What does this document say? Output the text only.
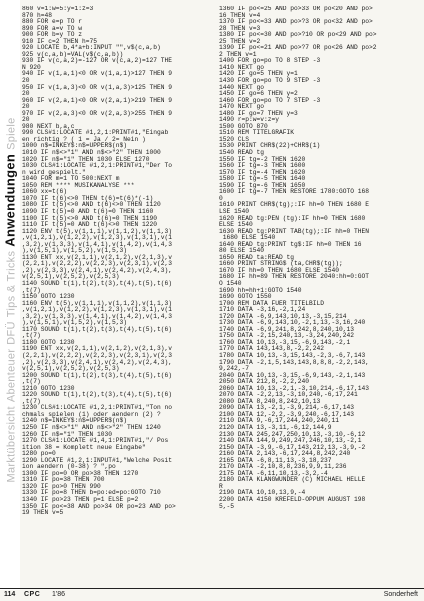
MarktübersichtAbenteuerDFÜTips & TricksAnwendungenSpiele
860 v=1:w=5:y=1:z=3
870 h=48
880 FOR e=p TO r
890 FOR a=v TO w
900 FOR b=y TO z
910 IF c=2 THEN h=75
920 LOCATE b,4*a+b:INPUT "",v$(c,a,b)
925 v(c,a,b)=VAL(v$(c,a,b))
930 IF v(c,a,2)=-127 OR v(c,a,2)=127 THE
N 920
940 IF v(1,a,1)<0 OR v(1,a,1)>127 THEN 9
20
950 IF v(1,a,3)<0 OR v(1,a,3)>125 THEN 9
20
960 IF v(2,a,1)<0 OR v(2,a,1)>219 THEN 9
20
970 IF v(2,a,3)<0 OR v(2,a,3)>255 THEN 9
20
980 NEXT b,a,c
990 CLS#1:LOCATE #1,2,1:PRINT#1,"Eingab
en richtig ? ( 1 = Ja / 2= Nein )
1000 n$=INKEY$:n$=UPPER$(n$)
1010 IF n$<>"1" AND n$<>"2" THEN 1000
1020 IF n$="1" THEN 1030 ELSE 1270
1030 CLS#1:LOCATE #1,2,1:PRINT#1,"Der To
n wird gespielt."
1040 FOR m=1 TO 500:NEXT m
1050 REM **** MUSIKANALYSE ***
1060 xx=t(6)
1070 IF t(6)<>0 THEN t(6)=t(6)*(-1)
1080 IF t(5)<>0 AND t(6)<>0 THEN 1120
1090 IF t(5)=0 AND t(6)=0 THEN 1160
1100 IF t(5)<>0 AND t(6)=0 THEN 1190
1110 IF t(5)=0 AND t(6)<>0 THEN 1220
1120 ENV t(5),v(1,1,1),v(1,1,2),v(1,1,3)
,v(1,2,1),v(1,2,2),v(1,2,3),v(1,3,1),v(1
,3,2),v(1,3,3),v(1,4,1),v(1,4,2),v(1,4,3
),v(1,5,1),v(1,5,2),v(1,5,3)
1130 ENT xx,v(2,1,1),v(2,1,2),v(2,1,3),v
(2,2,1),v(2,2,2),v(2,2,3),v(2,3,1),v(2,3
,2),v(2,3,3),v(2,4,1),v(2,4,2),v(2,4,3),
v(2,5,1),v(2,5,2),v(2,5,3)
1140 SOUND t(1),t(2),t(3),t(4),t(5),t(6)
,t(7)
1150 GOTO 1230
1160 ENV t(5),v(1,1,1),v(1,1,2),v(1,1,3)
,v(1,2,1),v(1,2,2),v(1,2,3),v(1,3,1),v(1
,3,2),v(1,3,3),v(1,4,1),v(1,4,2),v(1,4,3
),v(1,5,1),v(1,5,2),v(1,5,3)
1170 SOUND t(1),t(2),t(3),t(4),t(5),t(6)
,t(7)
1180 GOTO 1230
1190 ENT xx,v(2,1,1),v(2,1,2),v(2,1,3),v
(2,2,1),v(2,2,2),v(2,2,3),v(2,3,1),v(2,3
,2),v(2,3,3),v(2,4,1),v(2,4,2),v(2,4,3),
v(2,5,1),v(2,5,2),v(2,5,3)
1200 SOUND t(1),t(2),t(3),t(4),t(5),t(6)
,t(7)
1210 GOTO 1230
1220 SOUND t(1),t(2),t(3),t(4),t(5),t(6)
,t(7)
1230 CLS#1:LOCATE #1,2,1:PRINT#1,"Ton no
chmals spielen (1) oder aendern (2) ?
1240 n$=INKEY$:n$=UPPER$(n$)
1250 IF n$<>"1" AND n$<>"2" THEN 1240
1260 IF n$="1" THEN 1030
1270 CLS#1:LOCATE #1,4,1:PRINT#1,"/ Pos
ition 38 = Komplett neue Eingabe"
1280 po=0
1290 LOCATE #1,2,1:INPUT#1,"Welche Posit
ion aendern (0-38) ? ",po
1300 IF po=0 OR po>38 THEN 1270
1310 IF po=38 THEN 700
1320 IF po>0 THEN 990
1330 IF po=8 THEN b=po:ed=po:GOTO 710
1340 IF po>23 THEN p=1 ELSE p=2
1350 IF po<=38 AND po>34 OR po=23 AND po>
19 THEN v=5
1360 IF po<=25 AND po>33 OR po<20 AND po>
16 THEN v=4
1370 IF po<=33 AND po>?3 OR po<32 AND po>
28 THEN v=3
1380 IF po<=30 AND po>?10 OR po<29 AND po>
25 THEN v=2
1390 IF po<=21 AND po>?7 OR po<26 AND po>2
2 THEN v=1
1400 FOR go=po TO 8 STEP -3
1410 NEXT go
1420 IF go=5 THEN y=1
1430 FOR go=po TO 9 STEP -3
1440 NEXT go
1450 IF go=6 THEN y=2
1460 FOR go=po TO 7 STEP -3
1470 NEXT go
1480 IF go=7 THEN y=3
1490 r=p:w=v:z=y
1500 GOTO 870
1510 REM TITELGRAFIK
1520 CLS
1530 PRINT CHR$(22)+CHR$(1)
1540 READ tg
1550 IF tg=-2 THEN 1620
1560 IF tg=-3 THEN 1600
1570 IF tg=-4 THEN 1620
1580 IF tg=-5 THEN 1640
1590 IF tg=-6 THEN 1650
1600 IF tg=-7 THEN RESTORE 1780:GOTO 168
0
1610 PRINT CHR$(tg);:IF hh=0 THEN 1680 E
LSE 1540
1620 READ tg:PEN (tg):IF hh=0 THEN 1680
ELSE 1540
1630 READ tg:PRINT TAB(tg);:IF hh=0 THEN
1680 ELSE 1540
1640 READ tg:PRINT tg$:IF hh=0 THEN 16
80 ELSE 1540
1650 READ ta:READ tg
1660 PRINT STRING$ (ta,CHR$(tg));
1670 IF hh=0 THEN 1680 ELSE 1540
1680 IF hh=89 THEN RESTORE 2040:hh=0:GOT
O 1540
1690 hh=hh+1:GOTO 1540
1690 GOTO 1550
1700 REM DATA FUER TITELBILD
1710 DATA -3,16,-2,1,24
1720 DATA -6,9,143,10,13,-3,15,214
1730 DATA -6,9,143,10,-2,1,13,-3,16,240
1740 DATA -6,9,241,8,242,8,240,10,13
1750 DATA -2,15,240,13,-3,24,240,242
1760 DATA 10,13,-3,15,-6,9,143,-2,1
1770 DATA 143,143,8,-2,2,242
1780 DATA 10,13,-3,15,143,-2,3,-6,7,143
1790 DATA -2,1,5,143,143,8,8,8,-2,2,143,
9,242,-7
2040 DATA 10,13,-3,15,-6,9,143,-2,1,143
2050 DATA 212,8,-2,2,240
2060 DATA 10,13,-2,1,-3,10,214,-6,17,143
2070 DATA -2,2,13,-3,10,240,-6,17,241
2080 DATA 8,240,8,242,10,13
2090 DATA 13,-2,1,-3,9,214,-6,17,143
2100 DATA 12,-2,2,-3,9,240,-6,17,143
2110 DATA 9,-6,17,244,240,240,11
2120 DATA 13,-3,11,-6,12,144,9
2130 DATA 245,247,250,10,13,-3,10,-6,12
2140 DATA 144,9,249,247,246,10,13,-2,1
2150 DATA -3,9,-6,17,143,212,13,-3,9,-2
2160 DATA 2,143,-6,17,244,8,242,240
2165 DATA -6,8,11,13,-3,18,237
2170 DATA -2,10,8,8,236,9,9,11,236
2175 DATA -6,11,10,13,-3,2,-4
2180 DATA KLANGWUNDER (C) MICHAEL HELLE
R
2190 DATA 10,10,13,9,-4
2200 DATA 4150 KREFELD-OPPUM AUGUST 198
5,-5
114 CPC 1'86	Sonderheft
